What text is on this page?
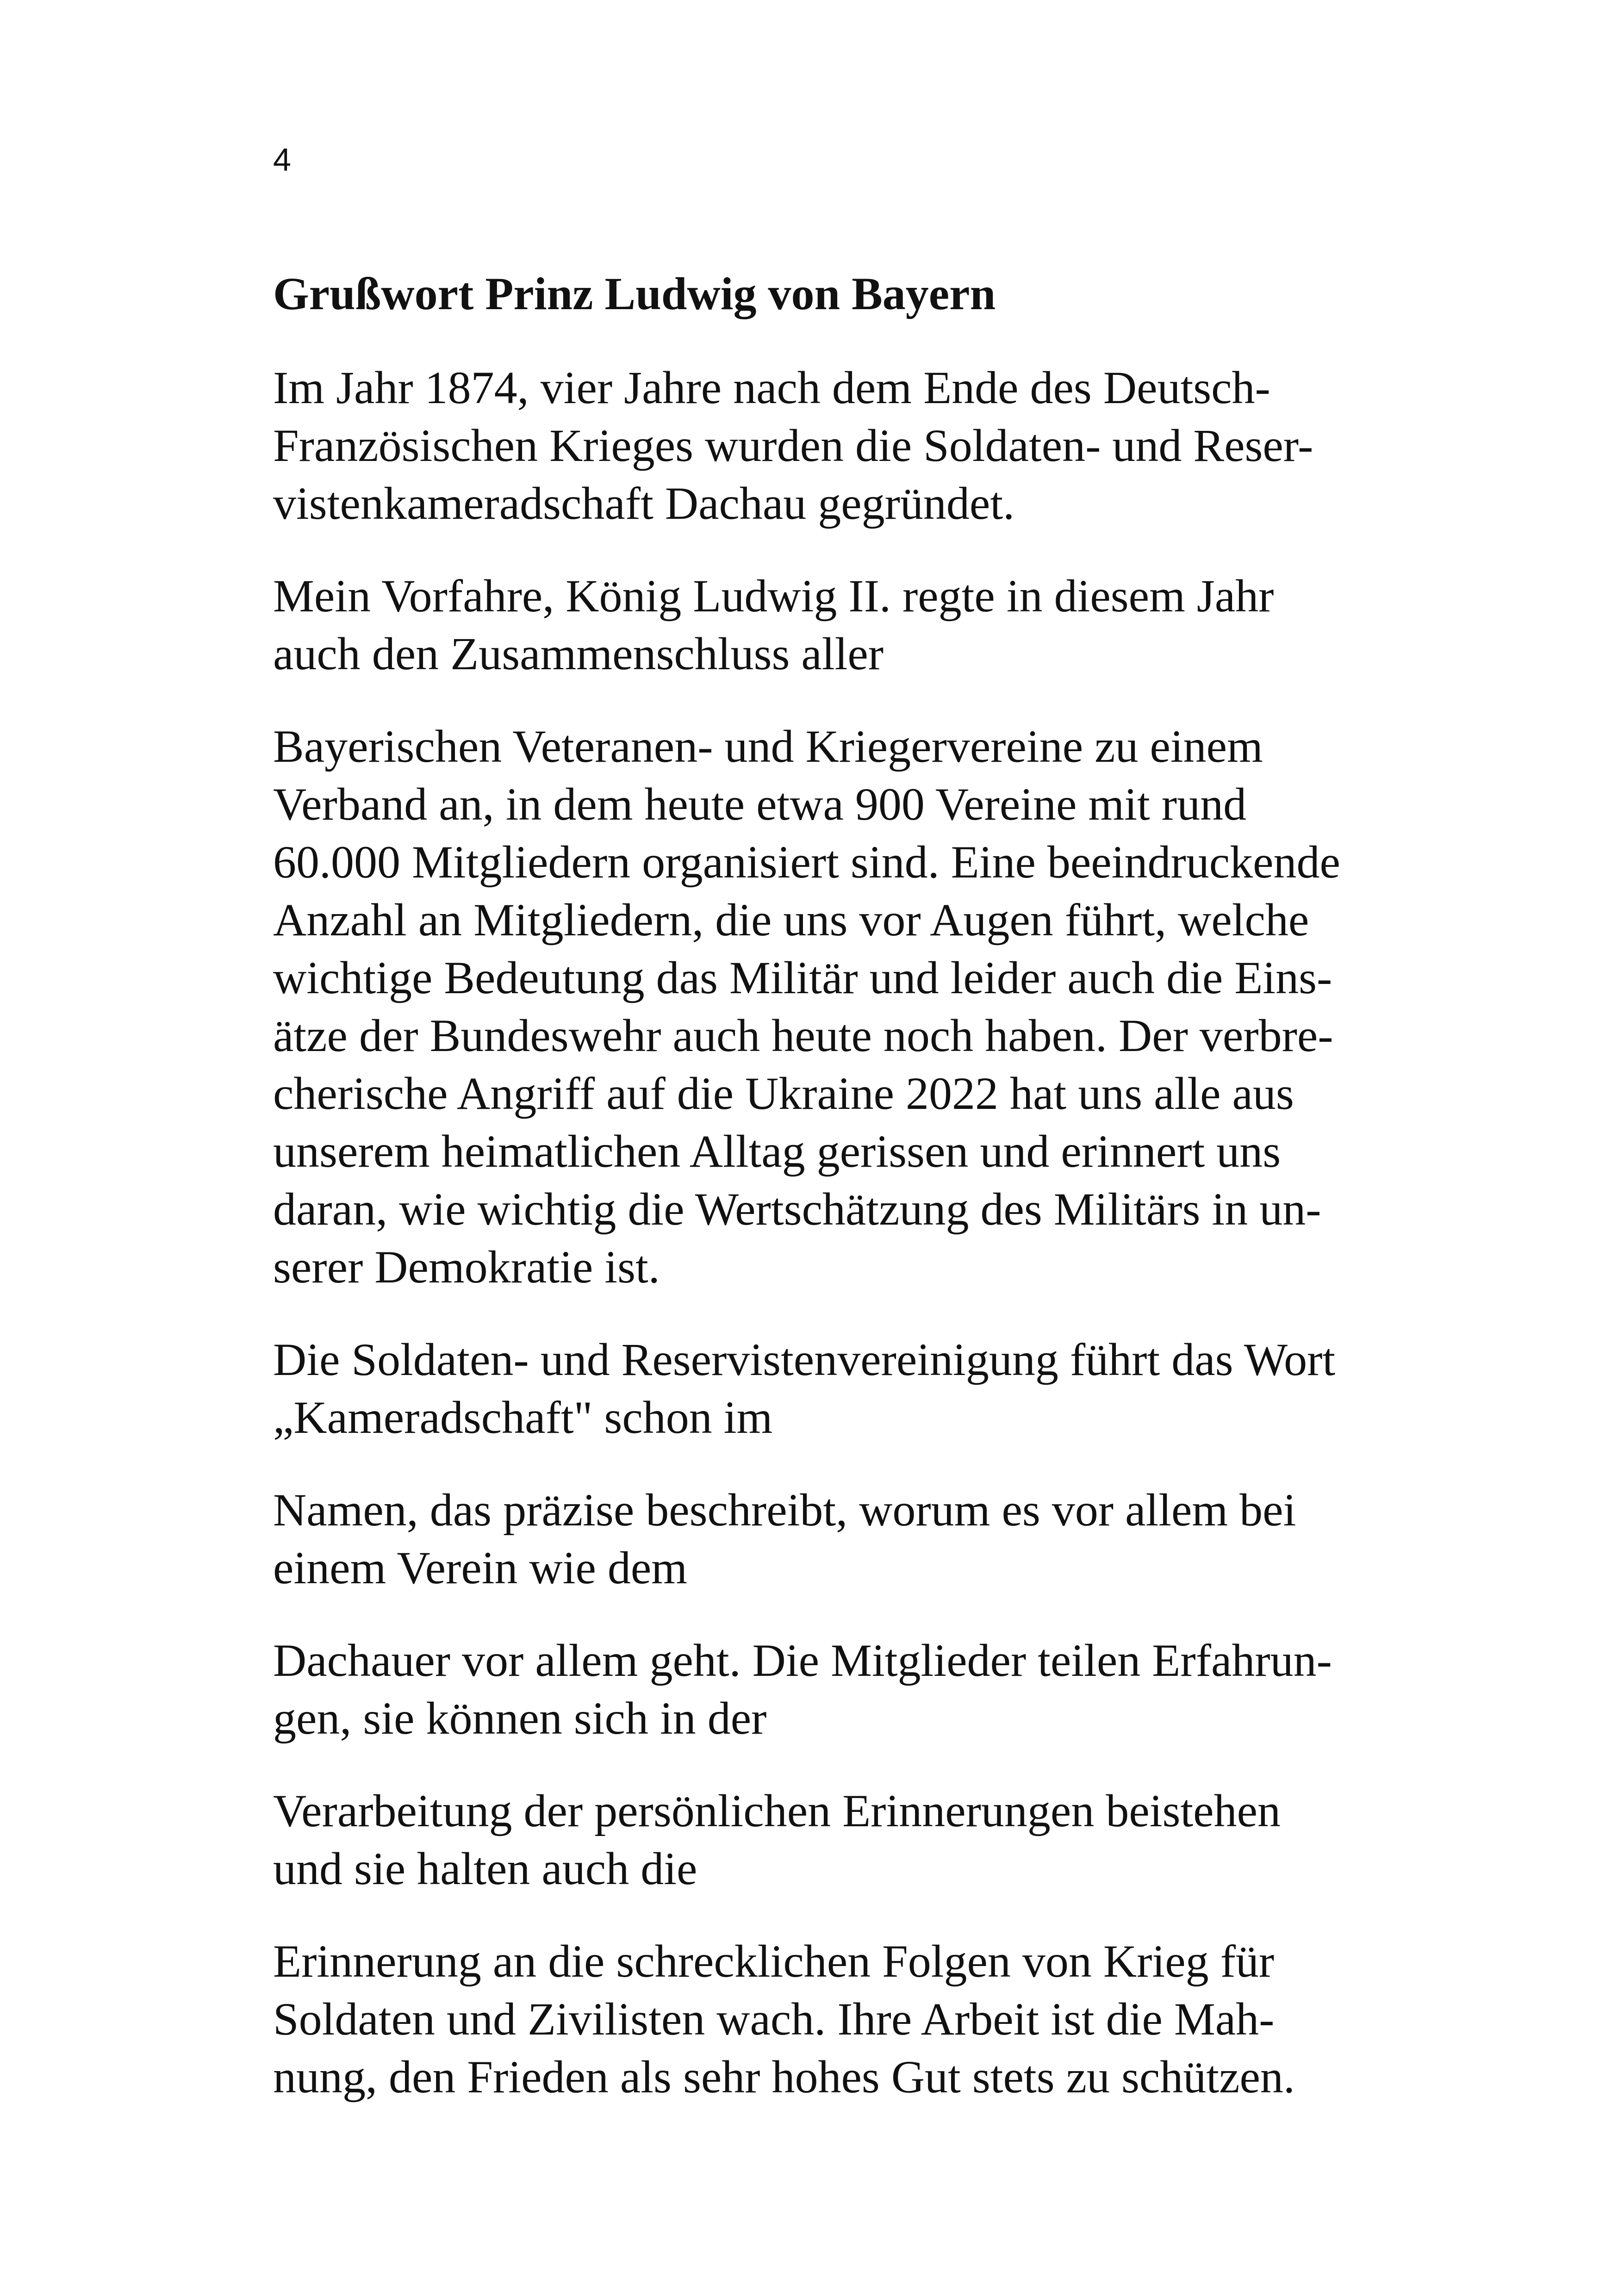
4
Grußwort Prinz Ludwig von Bayern
Im Jahr 1874, vier Jahre nach dem Ende des Deutsch-
Französischen Krieges wurden die Soldaten- und Reser-
vistenkameradschaft Dachau gegründet.
Mein Vorfahre, König Ludwig II. regte in diesem Jahr
auch den Zusammenschluss aller
Bayerischen Veteranen- und Kriegervereine zu einem
Verband an, in dem heute etwa 900 Vereine mit rund
60.000 Mitgliedern organisiert sind. Eine beeindruckende
Anzahl an Mitgliedern, die uns vor Augen führt, welche
wichtige Bedeutung das Militär und leider auch die Eins-
ätze der Bundeswehr auch heute noch haben. Der verbre-
cherische Angriff auf die Ukraine 2022 hat uns alle aus
unserem heimatlichen Alltag gerissen und erinnert uns
daran, wie wichtig die Wertschätzung des Militärs in un-
serer Demokratie ist.
Die Soldaten- und Reservistenvereinigung führt das Wort
„Kameradschaft" schon im
Namen, das präzise beschreibt, worum es vor allem bei
einem Verein wie dem
Dachauer vor allem geht. Die Mitglieder teilen Erfahrun-
gen, sie können sich in der
Verarbeitung der persönlichen Erinnerungen beistehen
und sie halten auch die
Erinnerung an die schrecklichen Folgen von Krieg für
Soldaten und Zivilisten wach. Ihre Arbeit ist die Mah-
nung, den Frieden als sehr hohes Gut stets zu schützen.
